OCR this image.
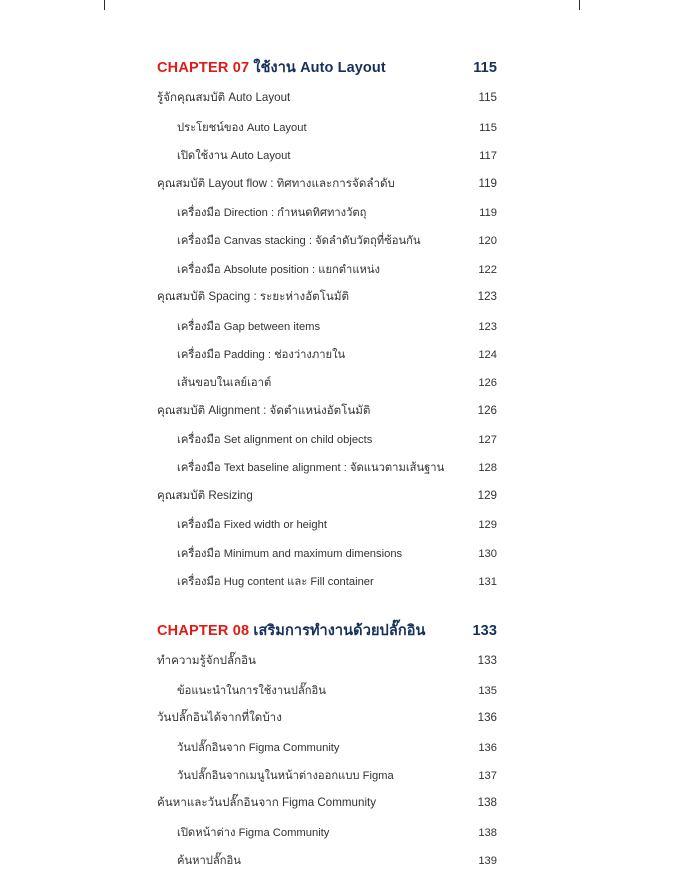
CHAPTER 07 ใช้งาน Auto Layout	115
รู้จักคุณสมบัติ Auto Layout	115
ประโยชน์ของ Auto Layout	115
เปิดใช้งาน Auto Layout	117
คุณสมบัติ Layout flow : ทิศทางและการจัดลำดับ	119
เครื่องมือ Direction : กำหนดทิศทางวัตถุ	119
เครื่องมือ Canvas stacking : จัดลำดับวัตถุที่ซ้อนกัน	120
เครื่องมือ Absolute position : แยกตำแหน่ง	122
คุณสมบัติ Spacing : ระยะห่างอัตโนมัติ	123
เครื่องมือ Gap between items	123
เครื่องมือ Padding : ช่องว่างภายใน	124
เส้นขอบในเลย์เอาต์	126
คุณสมบัติ Alignment : จัดตำแหน่งอัตโนมัติ	126
เครื่องมือ Set alignment on child objects	127
เครื่องมือ Text baseline alignment : จัดแนวตามเส้นฐาน	128
คุณสมบัติ Resizing	129
เครื่องมือ Fixed width or height	129
เครื่องมือ Minimum and maximum dimensions	130
เครื่องมือ Hug content และ Fill container	131
CHAPTER 08 เสริมการทำงานด้วยปลั๊กอิน	133
ทำความรู้จักปลั๊กอิน	133
ข้อแนะนำในการใช้งานปลั๊กอิน	135
วันปลั๊กอินได้จากที่ใดบ้าง	136
วันปลั๊กอินจาก Figma Community	136
วันปลั๊กอินจากเมนูในหน้าต่างออกแบบ Figma	137
ค้นหาและวันปลั๊กอินจาก Figma Community	138
เปิดหน้าต่าง Figma Community	138
ค้นหาปลั๊กอิน	139
